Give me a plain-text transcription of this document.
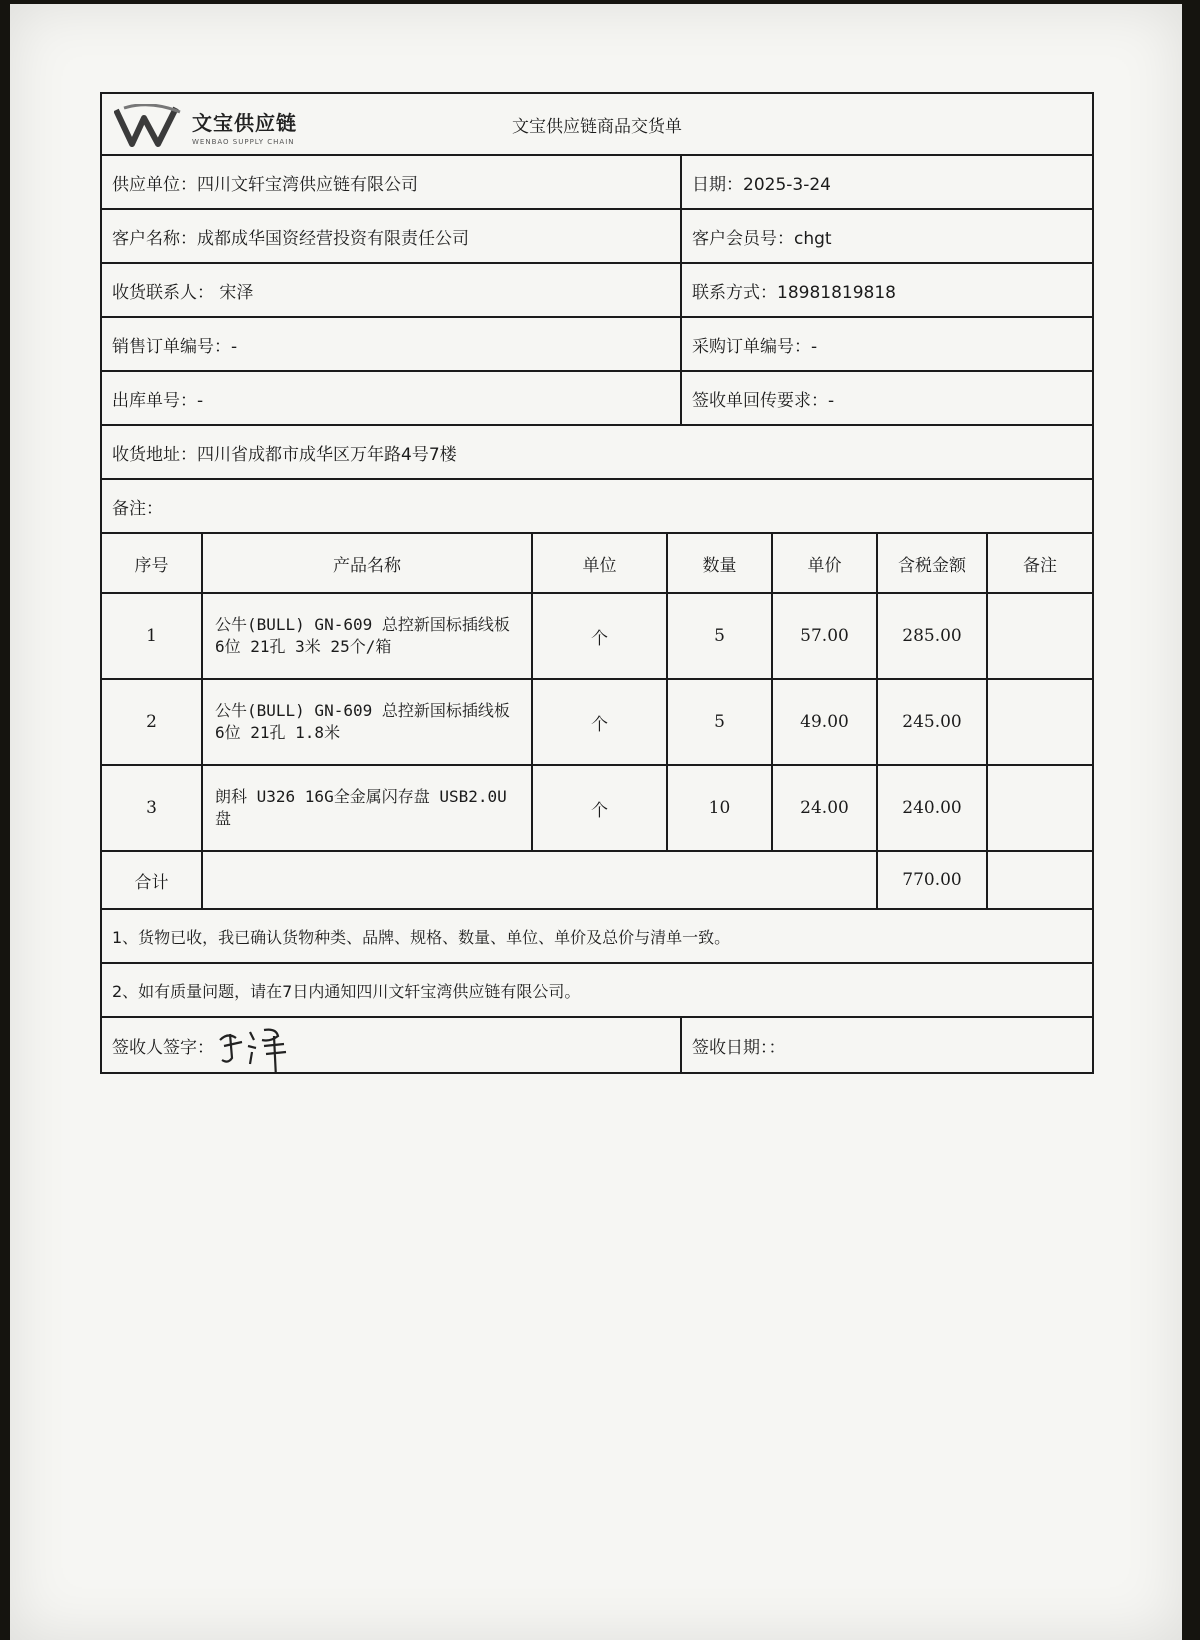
文宝供应链
WENBAO SUPPLY CHAIN
文宝供应链商品交货单
供应单位：四川文轩宝湾供应链有限公司	日期：2025-3-24
客户名称：成都成华国资经营投资有限责任公司	客户会员号：chgt
收货联系人： 宋泽	联系方式：18981819818
销售订单编号：-	采购订单编号：-
出库单号：-	签收单回传要求：-
收货地址：四川省成都市成华区万年路4号7楼
备注：
序号	产品名称	单位	数量	单价	含税金额	备注
1	公牛(BULL) GN-609 总控新国标插线板 6位 21孔 3米 25个/箱	个	5	57.00	285.00	
2	公牛(BULL) GN-609 总控新国标插线板 6位 21孔 1.8米	个	5	49.00	245.00	
3	朗科 U326 16G全金属闪存盘 USB2.0U盘	个	10	24.00	240.00	
合计					770.00	
1、货物已收，我已确认货物种类、品牌、规格、数量、单位、单价及总价与清单一致。
2、如有质量问题，请在7日内通知四川文轩宝湾供应链有限公司。
签收人签字：	签收日期：：
